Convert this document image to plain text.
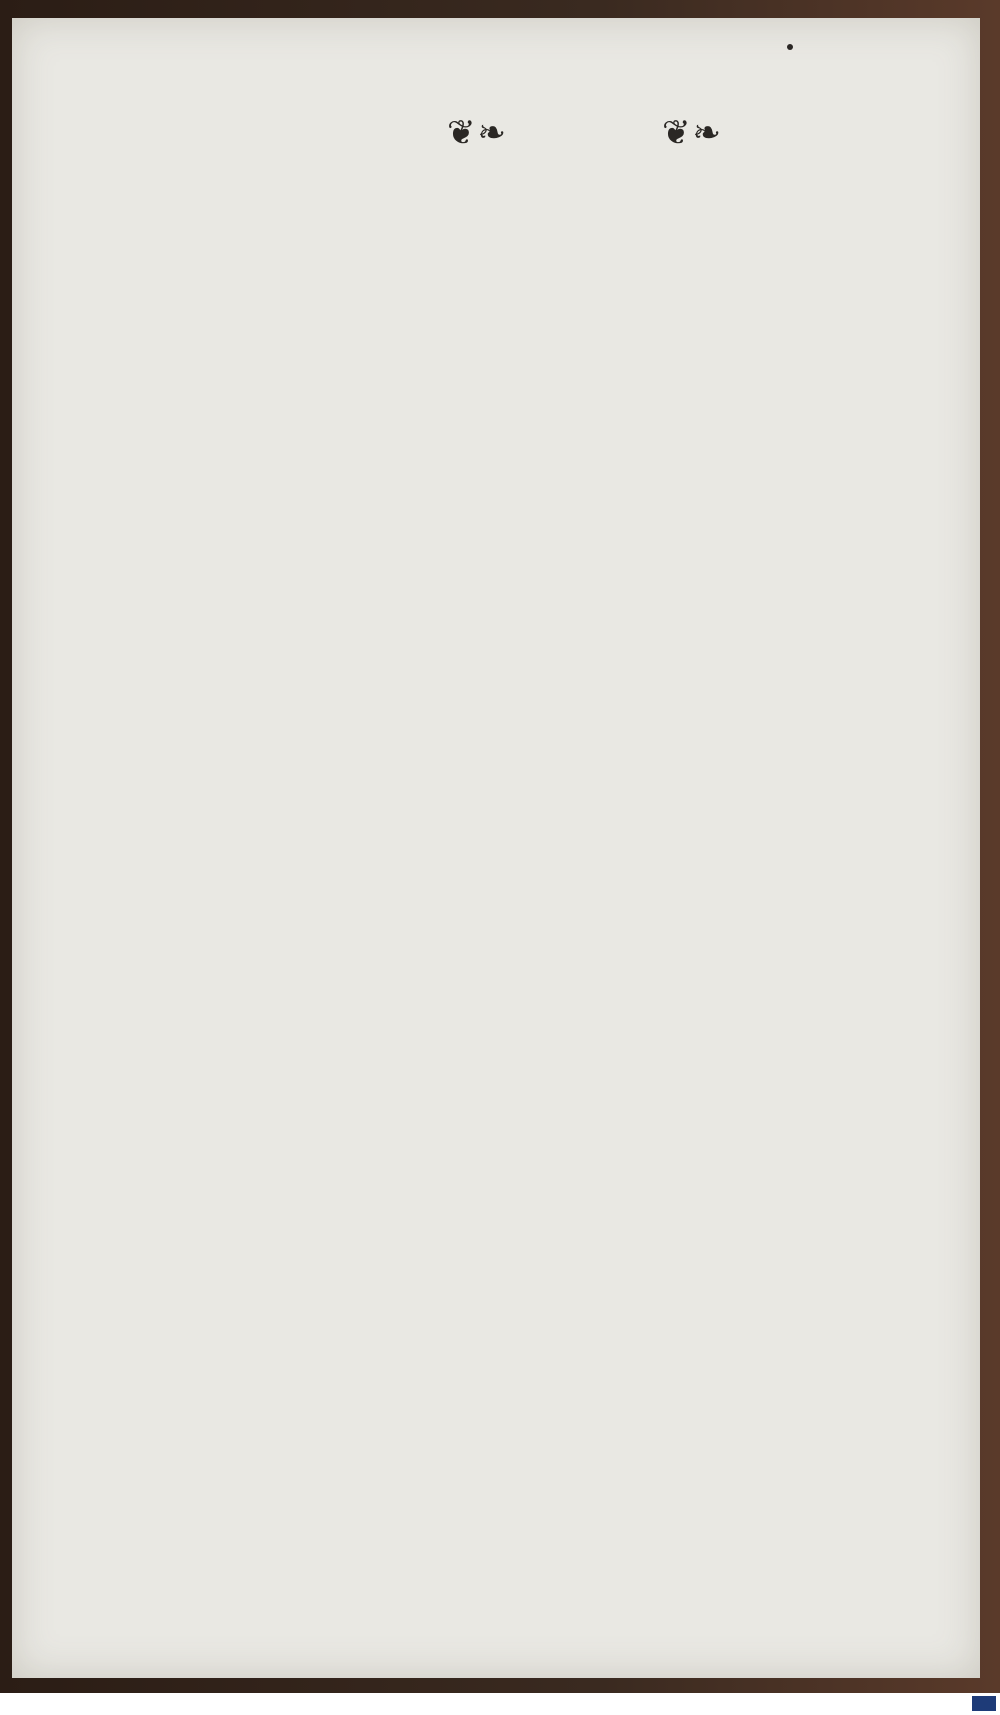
❦❧	❦❧
